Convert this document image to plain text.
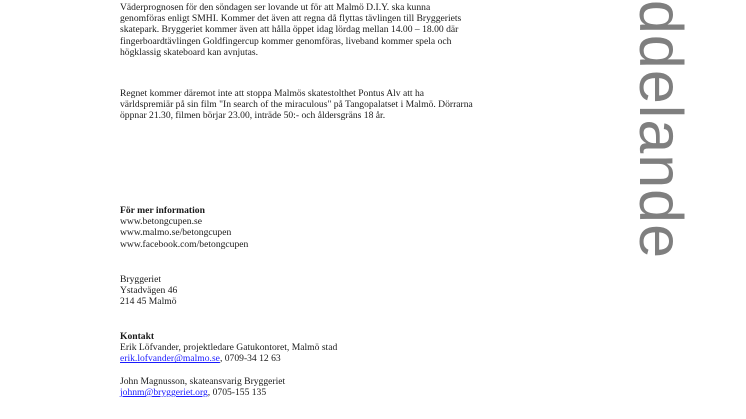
ddelande

Väderprognosen för den söndagen ser lovande ut för att Malmö D.I.Y. ska kunna
genomföras enligt SMHI. Kommer det även att regna då flyttas tävlingen till Bryggeriets
skatepark. Bryggeriet kommer även att hålla öppet idag lördag mellan 14.00 – 18.00 där
fingerboardtävlingen Goldfingercup kommer genomföras, liveband kommer spela och
högklassig skateboard kan avnjutas.

Regnet kommer däremot inte att stoppa Malmös skatestolthet Pontus Alv att ha
världspremiär på sin film "In search of the miraculous" på Tangopalatset i Malmö. Dörrarna
öppnar 21.30, filmen börjar 23.00, inträde 50:- och åldersgräns 18 år.

För mer information
www.betongcupen.se
www.malmo.se/betongcupen
www.facebook.com/betongcupen
Bryggeriet
Ystadvägen 46
214 45 Malmö
Kontakt
Erik Löfvander, projektledare Gatukontoret, Malmö stad
erik.lofvander@malmo.se, 0709-34 12 63
John Magnusson, skateansvarig Bryggeriet
johnm@bryggeriet.org, 0705-155 135
